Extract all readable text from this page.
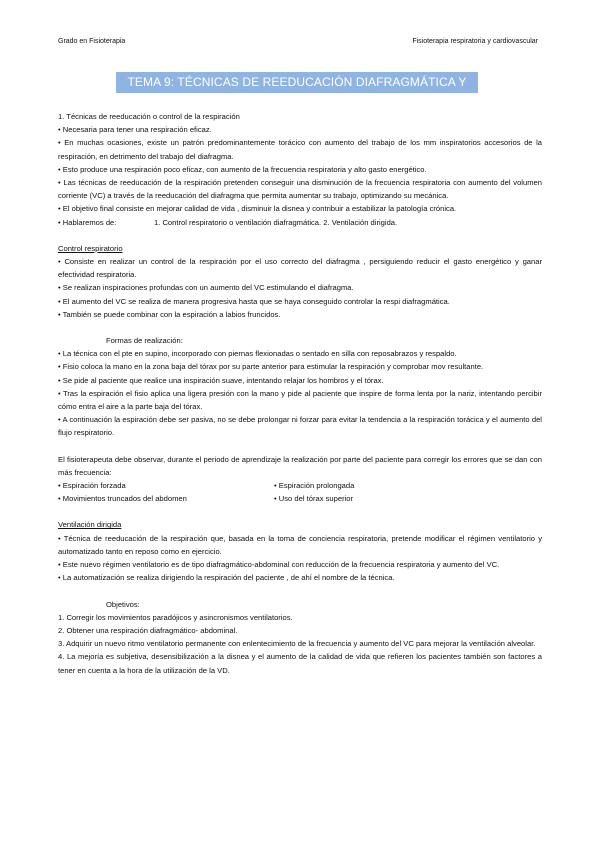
Grado en Fisioterapia	Fisioterapia respiratoria y cardiovascular
TEMA 9: TÉCNICAS DE REEDUCACIÓN DIAFRAGMÁTICA Y TORÁCICA

1. Técnicas de reeducación o control de la respiración

• Necesaria para tener una respiración eficaz.

• En muchas ocasiones, existe un patrón predominantemente torácico con aumento del trabajo de los mm inspiratorios accesorios de la respiración, en detrimento del trabajo del diafragma.

• Esto produce una respiración poco eficaz, con aumento de la frecuencia respiratoria y alto gasto energético.

• Las técnicas de reeducación de la respiración pretenden conseguir una disminución de la frecuencia respiratoria con aumento del volumen corriente (VC) a través de la reeducación del diafragma que permita aumentar su trabajo, optimizando su mecánica.

• El objetivo final consiste en mejorar calidad de vida , disminuir la disnea y contribuir a estabilizar la patología crónica.

• Hablaremos de:	1. Control respiratorio o ventilación diafragmática. 2. Ventilación dirigida.

Control respiratorio

• Consiste en realizar un control de la respiración por el uso correcto del diafragma , persiguiendo reducir el gasto energético y ganar efectividad respiratoria.

• Se realizan inspiraciones profundas con un aumento del VC estimulando el diafragma.

• El aumento del VC se realiza de manera progresiva hasta que se haya conseguido controlar la respi diafragmática.

• También se puede combinar con la espiración a labios fruncidos.

Formas de realización:

• La técnica con el pte en supino, incorporado con piernas flexionadas o sentado en silla con reposabrazos y respaldo.

• Fisio coloca la mano en la zona baja del tórax por su parte anterior para estimular la respiración y comprobar mov resultante.

• Se pide al paciente que realice una inspiración suave, intentando relajar los hombros y el tórax.

• Tras la espiración el fisio aplica una ligera presión con la mano y pide al paciente que inspire de forma lenta por la nariz, intentando percibir cómo entra el aire a la parte baja del tórax.

• A continuación la espiración debe ser pasiva, no se debe prolongar ni forzar para evitar la tendencia a la respiración torácica y el aumento del flujo respiratorio.

El fisioterapeuta debe observar, durante el periodo de aprendizaje la realización por parte del paciente para corregir los errores que se dan con más frecuencia:

• Espiración forzada	• Espiración prolongada
• Movimientos truncados del abdomen	• Uso del tórax superior

Ventilación dirigida

• Técnica de reeducación de la respiración que, basada en la toma de conciencia respiratoria, pretende modificar el régimen ventilatorio y automatizado tanto en reposo como en ejercicio.

• Este nuevo régimen ventilatorio es de tipo diafragmático-abdominal con reducción de la frecuencia respiratoria y aumento del VC.

• La automatización se realiza dirigiendo la respiración del paciente , de ahí el nombre de la técnica.

Objetivos:

1. Corregir los movimientos paradójicos y asincronismos ventilatorios.

2. Obtener una respiración diafragmático- abdominal.

3. Adquirir un nuevo ritmo ventilatorio permanente con enlentecimiento de la frecuencia y aumento del VC para mejorar la ventilación alveolar.

4. La mejoría es subjetiva, desensibilización a la disnea y el aumento de la calidad de vida que refieren los pacientes también son factores a tener en cuenta a la hora de la utilización de la VD.
